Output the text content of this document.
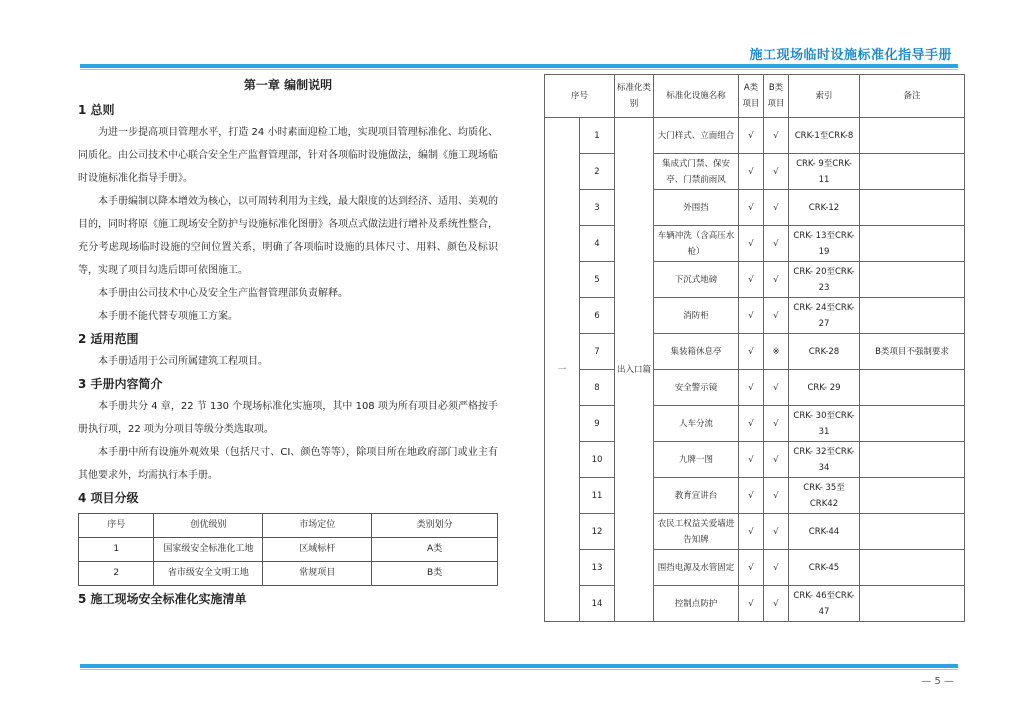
施工现场临时设施标准化指导手册

第一章 编制说明

1 总则

为进一步提高项目管理水平，打造 24 小时素面迎检工地，实现项目管理标准化、均质化、同质化。由公司技术中心联合安全生产监督管理部，针对各项临时设施做法，编制《施工现场临时设施标准化指导手册》。

本手册编制以降本增效为核心，以可周转利用为主线，最大限度的达到经济、适用、美观的目的，同时将原《施工现场安全防护与设施标准化图册》各项点式做法进行增补及系统性整合，充分考虑现场临时设施的空间位置关系，明确了各项临时设施的具体尺寸、用料、颜色及标识等，实现了项目勾选后即可依图施工。

本手册由公司技术中心及安全生产监督管理部负责解释。

本手册不能代替专项施工方案。

2 适用范围

本手册适用于公司所属建筑工程项目。

3 手册内容简介

本手册共分 4 章，22 节 130 个现场标准化实施项，其中 108 项为所有项目必须严格按手册执行项，22 项为分项目等级分类选取项。

本手册中所有设施外观效果（包括尺寸、CI、颜色等等），除项目所在地政府部门或业主有其他要求外，均需执行本手册。

4 项目分级

序号	创优级别	市场定位	类别划分
1	国家级安全标准化工地	区域标杆	A类
2	省市级安全文明工地	常规项目	B类

5 施工现场安全标准化实施清单

序号		标准化类别	标准化设施名称	A类项目	B类项目	索引	备注
一	1	出入口篇	大门样式、立面组合	√	√	CRK-1至CRK-8	
	2		集成式门禁、保安亭、门禁前雨风	√	√	CRK- 9至CRK-11	
	3		外围挡	√	√	CRK-12	
	4		车辆冲洗（含高压水枪）	√	√	CRK- 13至CRK-19	
	5		下沉式地磅	√	√	CRK- 20至CRK-23	
	6		消防柜	√	√	CRK- 24至CRK-27	
	7		集装箱休息亭	√	※	CRK-28	B类项目不强制要求
	8		安全警示镜	√	√	CRK- 29	
	9		人车分流	√	√	CRK- 30至CRK-31	
	10		九牌一图	√	√	CRK- 32至CRK-34	
	11		教育宣讲台	√	√	CRK- 35至CRK42	
	12		农民工权益关爱墙进告知牌	√	√	CRK-44	
	13		围挡电源及水管固定	√	√	CRK-45	
	14		控制点防护	√	√	CRK- 46至CRK-47	
— 5 —
